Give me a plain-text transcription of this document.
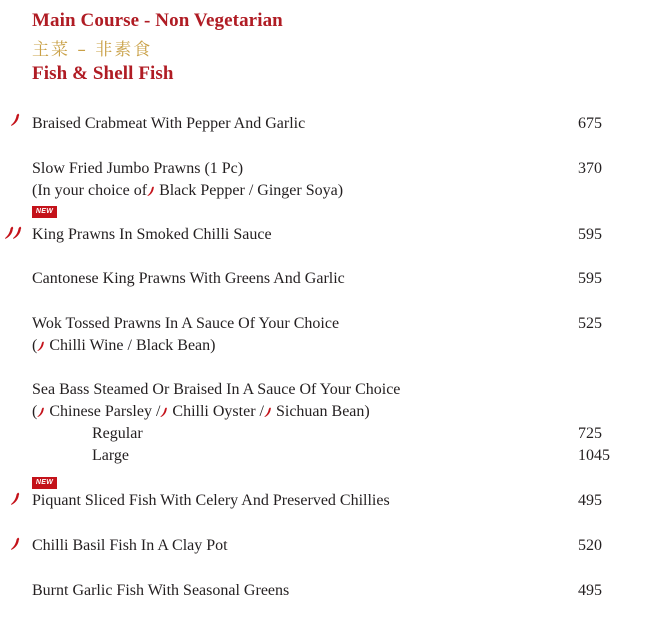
Main Course - Non Vegetarian
主菜 – 非素食
Fish & Shell Fish
Braised Crabmeat With Pepper And Garlic	675
Slow Fried Jumbo Prawns (1 Pc)	370
(In your choice of Black Pepper / Ginger Soya)
NEW
King Prawns In Smoked Chilli Sauce	595
Cantonese King Prawns With Greens And Garlic	595
Wok Tossed Prawns In A Sauce Of Your Choice	525
( Chilli Wine / Black Bean)
Sea Bass Steamed Or Braised In A Sauce Of Your Choice
( Chinese Parsley / Chilli Oyster / Sichuan Bean)
Regular	725
Large	1045
NEW
Piquant Sliced Fish With Celery And Preserved Chillies	495
Chilli Basil Fish In A Clay Pot	520
Burnt Garlic Fish With Seasonal Greens	495
